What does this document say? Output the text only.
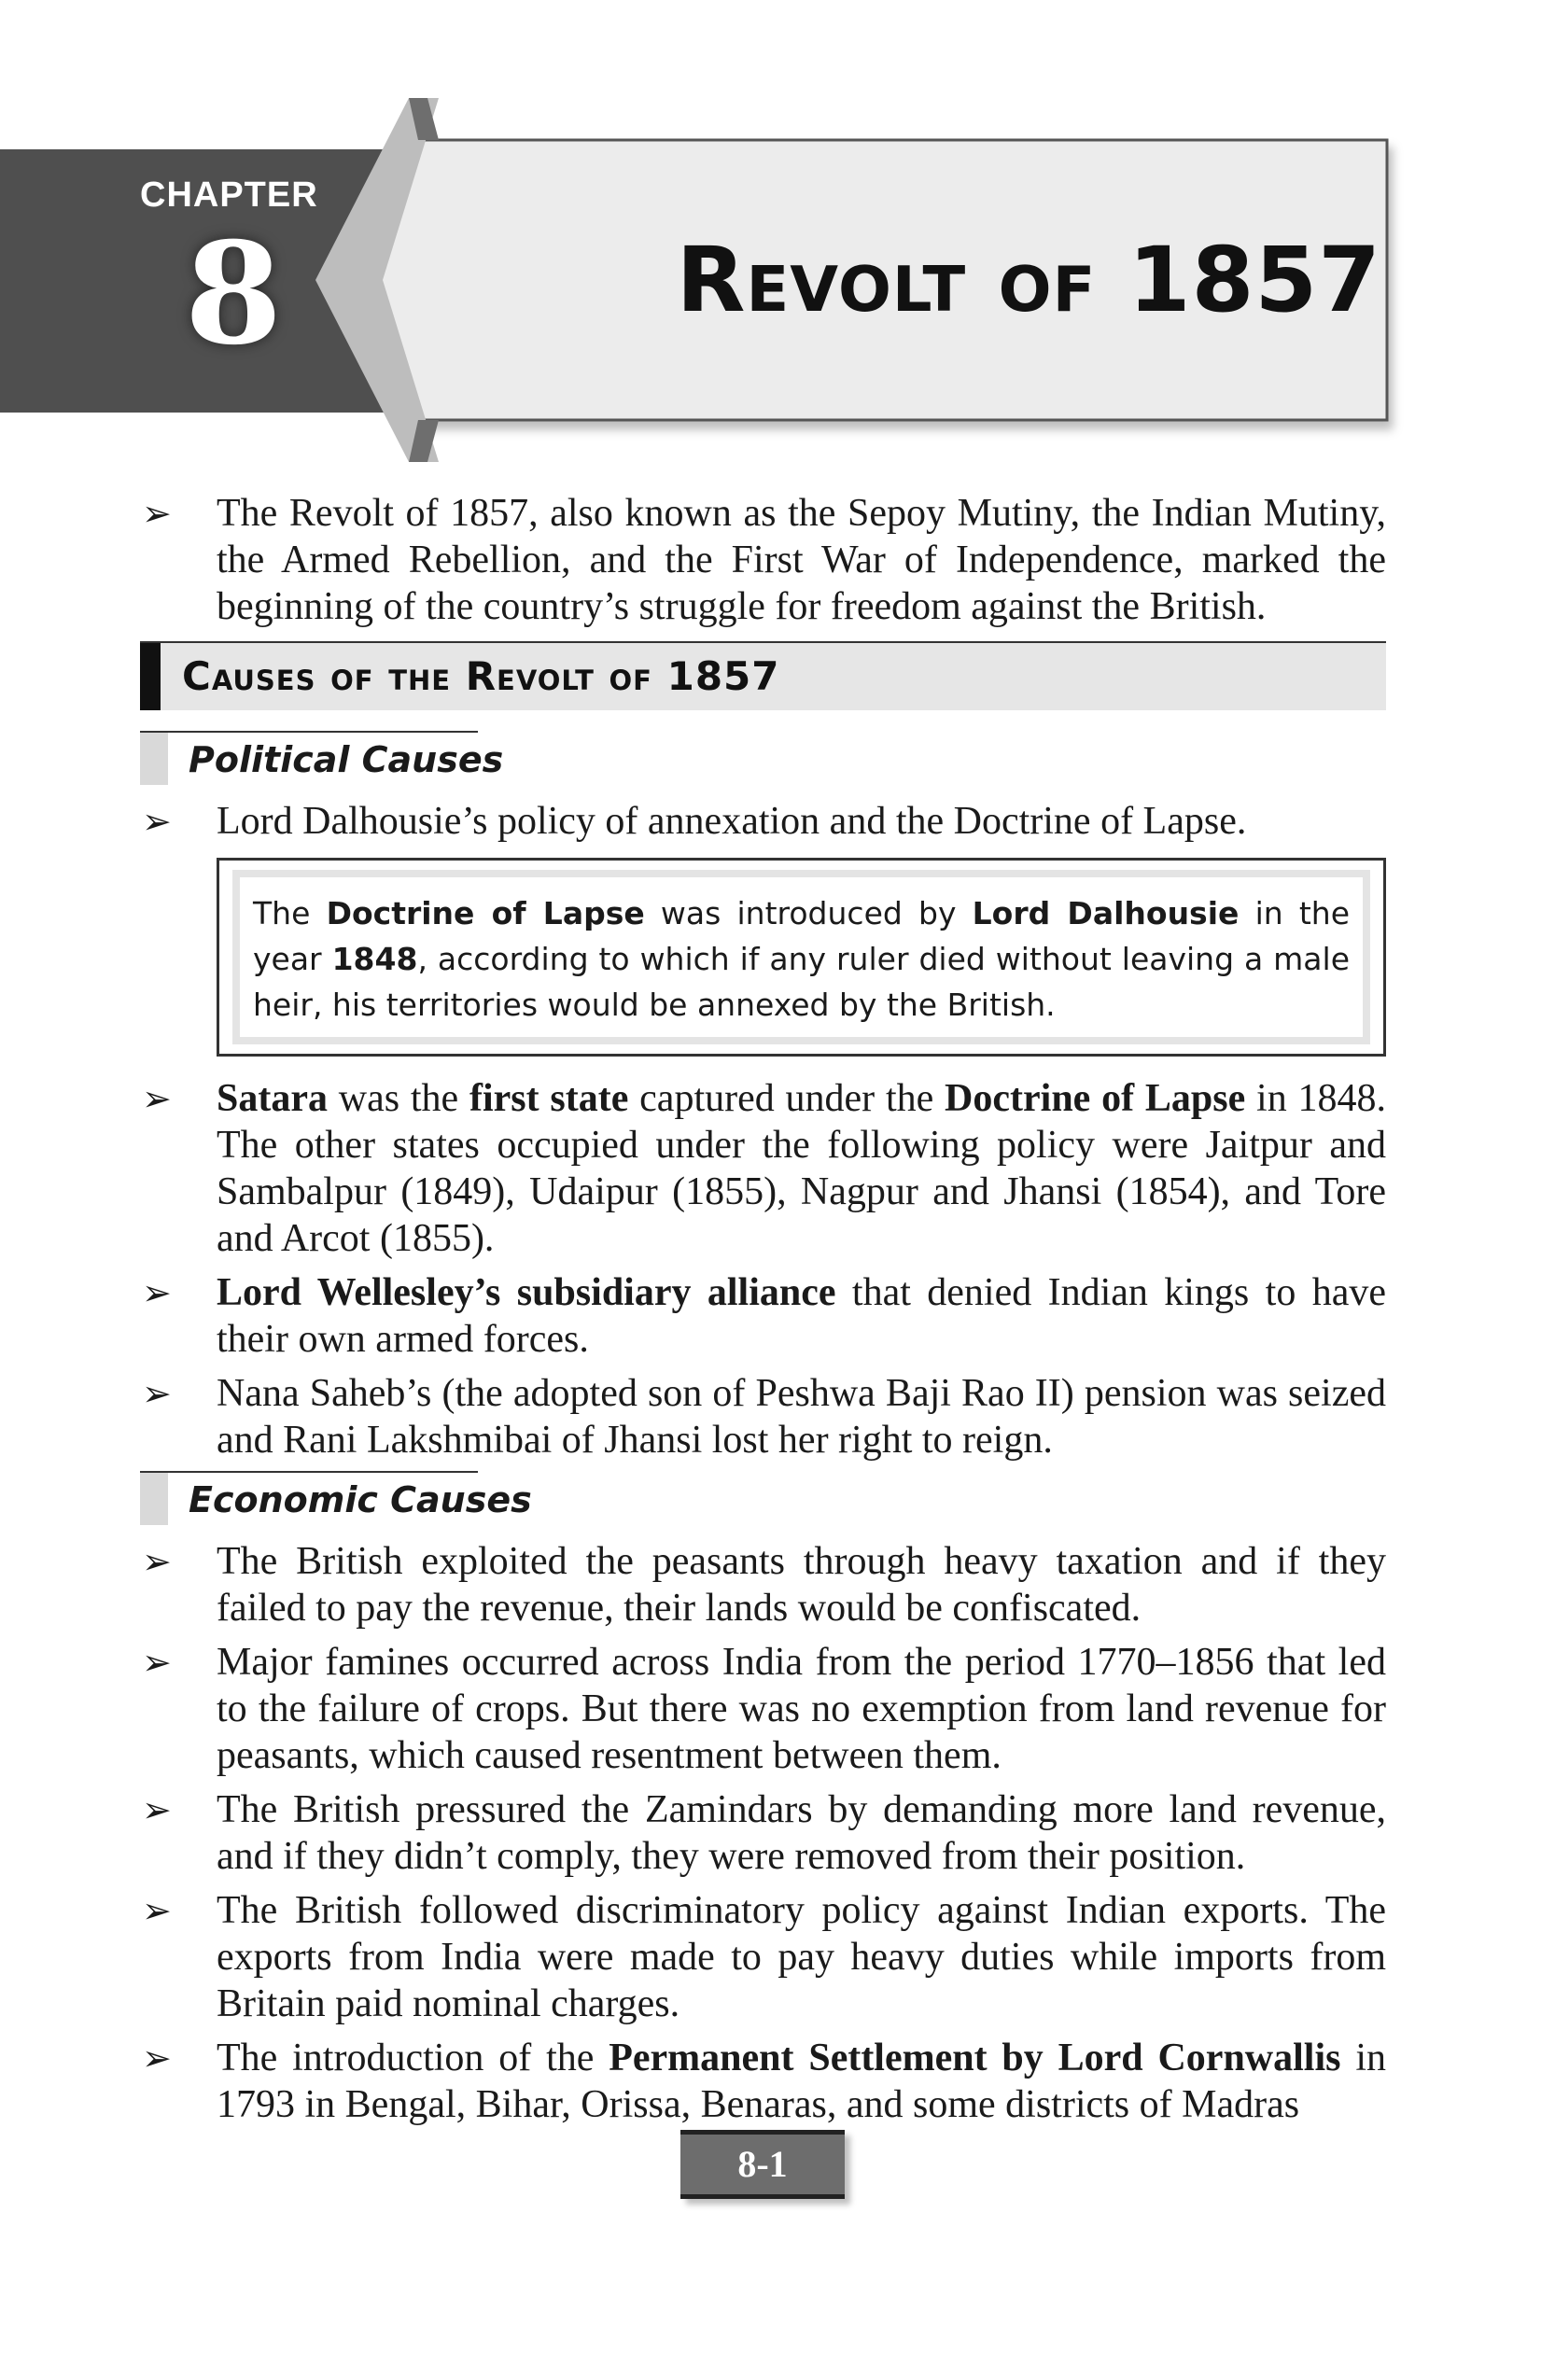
CHAPTER
8	Revolt of 1857
➢ The Revolt of 1857, also known as the Sepoy Mutiny, the Indian Mutiny, the Armed Rebellion, and the First War of Independence, marked the beginning of the country’s struggle for freedom against the British.
Causes of the Revolt of 1857
Political Causes
➢ Lord Dalhousie’s policy of annexation and the Doctrine of Lapse.
The Doctrine of Lapse was introduced by Lord Dalhousie in the year 1848, according to which if any ruler died without leaving a male heir, his territories would be annexed by the British.
➢ Satara was the first state captured under the Doctrine of Lapse in 1848. The other states occupied under the following policy were Jaitpur and Sambalpur (1849), Udaipur (1855), Nagpur and Jhansi (1854), and Tore and Arcot (1855).
➢ Lord Wellesley’s subsidiary alliance that denied Indian kings to have their own armed forces.
➢ Nana Saheb’s (the adopted son of Peshwa Baji Rao II) pension was seized and Rani Lakshmibai of Jhansi lost her right to reign.
Economic Causes
➢ The British exploited the peasants through heavy taxation and if they failed to pay the revenue, their lands would be confiscated.
➢ Major famines occurred across India from the period 1770–1856 that led to the failure of crops. But there was no exemption from land revenue for peasants, which caused resentment between them.
➢ The British pressured the Zamindars by demanding more land revenue, and if they didn’t comply, they were removed from their position.
➢ The British followed discriminatory policy against Indian exports. The exports from India were made to pay heavy duties while imports from Britain paid nominal charges.
➢ The introduction of the Permanent Settlement by Lord Cornwallis in 1793 in Bengal, Bihar, Orissa, Benaras, and some districts of Madras
8-1
